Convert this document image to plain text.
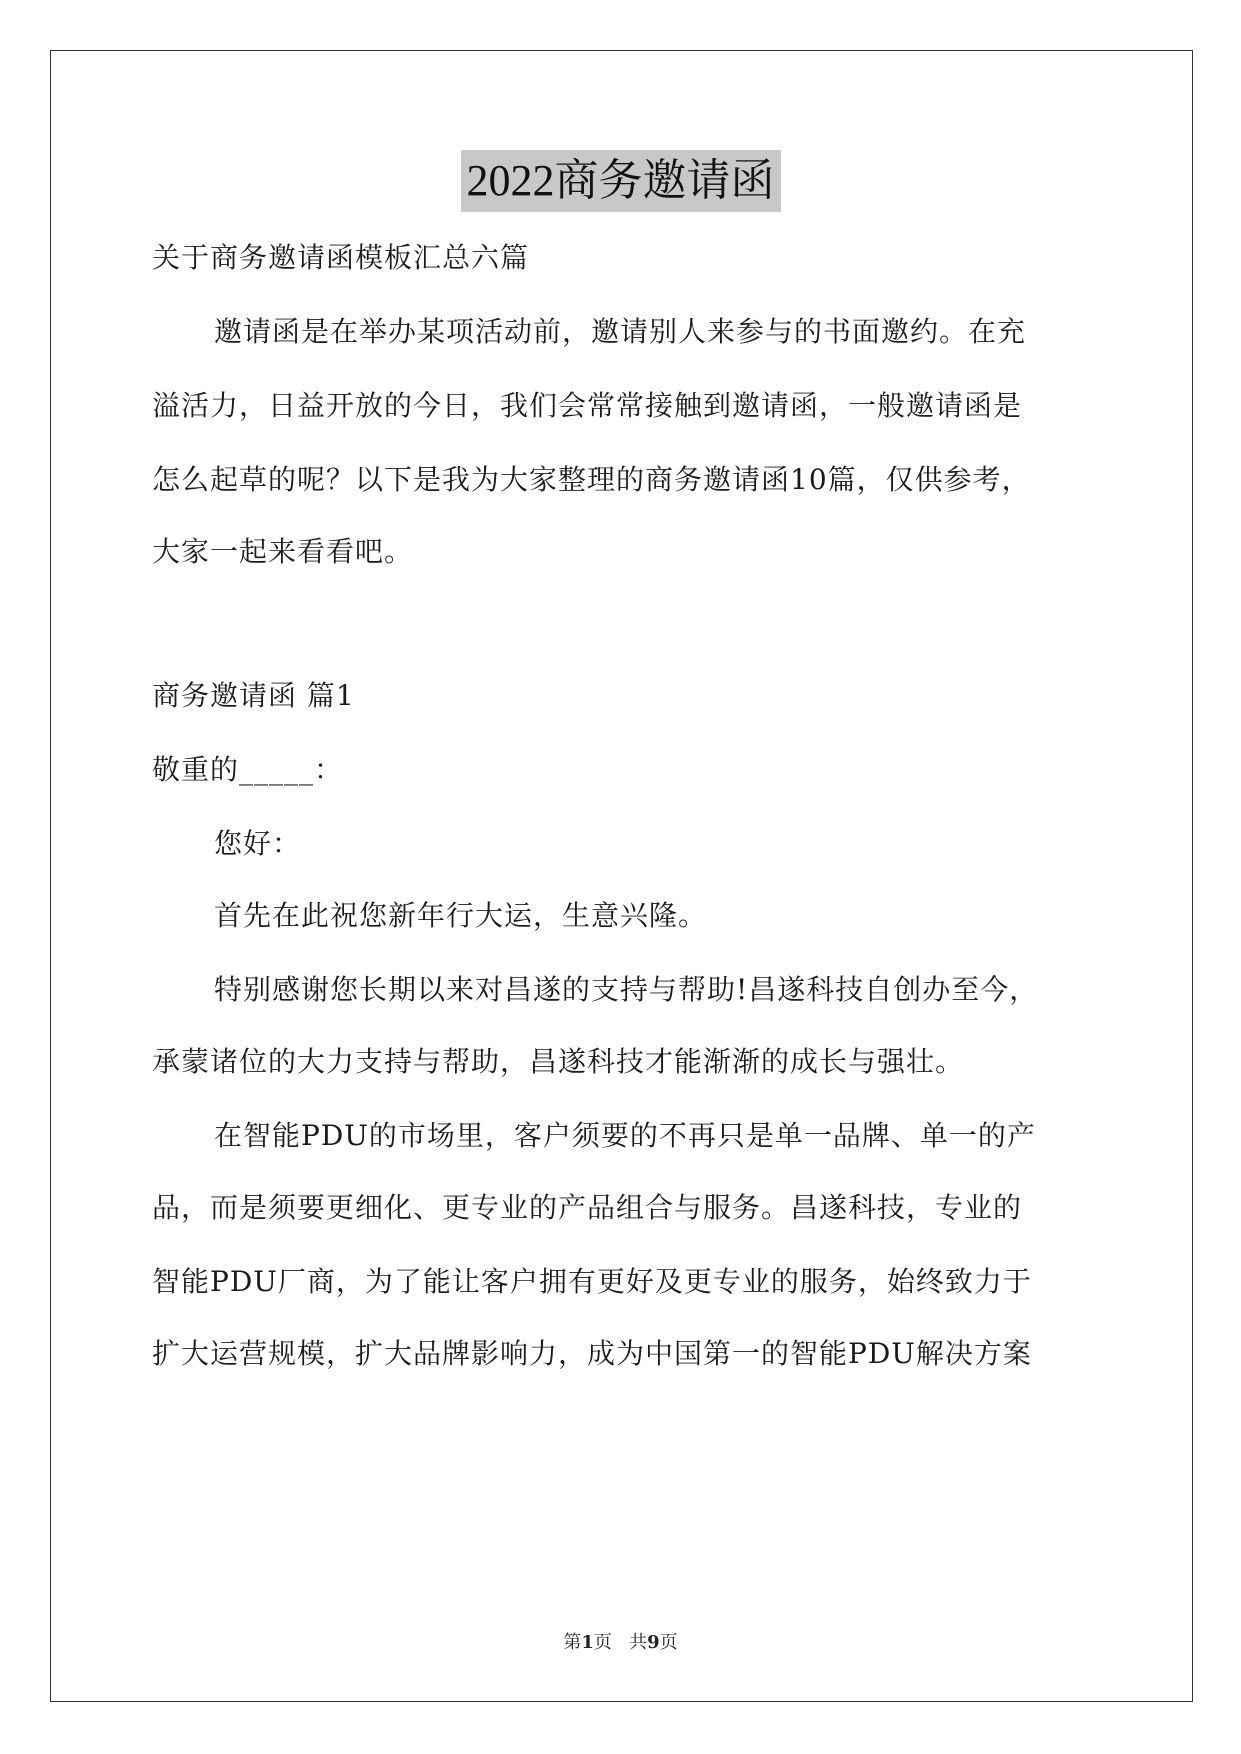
2022商务邀请函
关于商务邀请函模板汇总六篇
邀请函是在举办某项活动前，邀请别人来参与的书面邀约。在充
溢活力，日益开放的今日，我们会常常接触到邀请函，一般邀请函是
怎么起草的呢？以下是我为大家整理的商务邀请函10篇，仅供参考，
大家一起来看看吧。
商务邀请函 篇1
敬重的_____：
您好：
首先在此祝您新年行大运，生意兴隆。
特别感谢您长期以来对昌遂的支持与帮助!昌遂科技自创办至今，
承蒙诸位的大力支持与帮助，昌遂科技才能渐渐的成长与强壮。
在智能PDU的市场里，客户须要的不再只是单一品牌、单一的产
品，而是须要更细化、更专业的产品组合与服务。昌遂科技，专业的
智能PDU厂商，为了能让客户拥有更好及更专业的服务，始终致力于
扩大运营规模，扩大品牌影响力，成为中国第一的智能PDU解决方案
第1页 共9页
